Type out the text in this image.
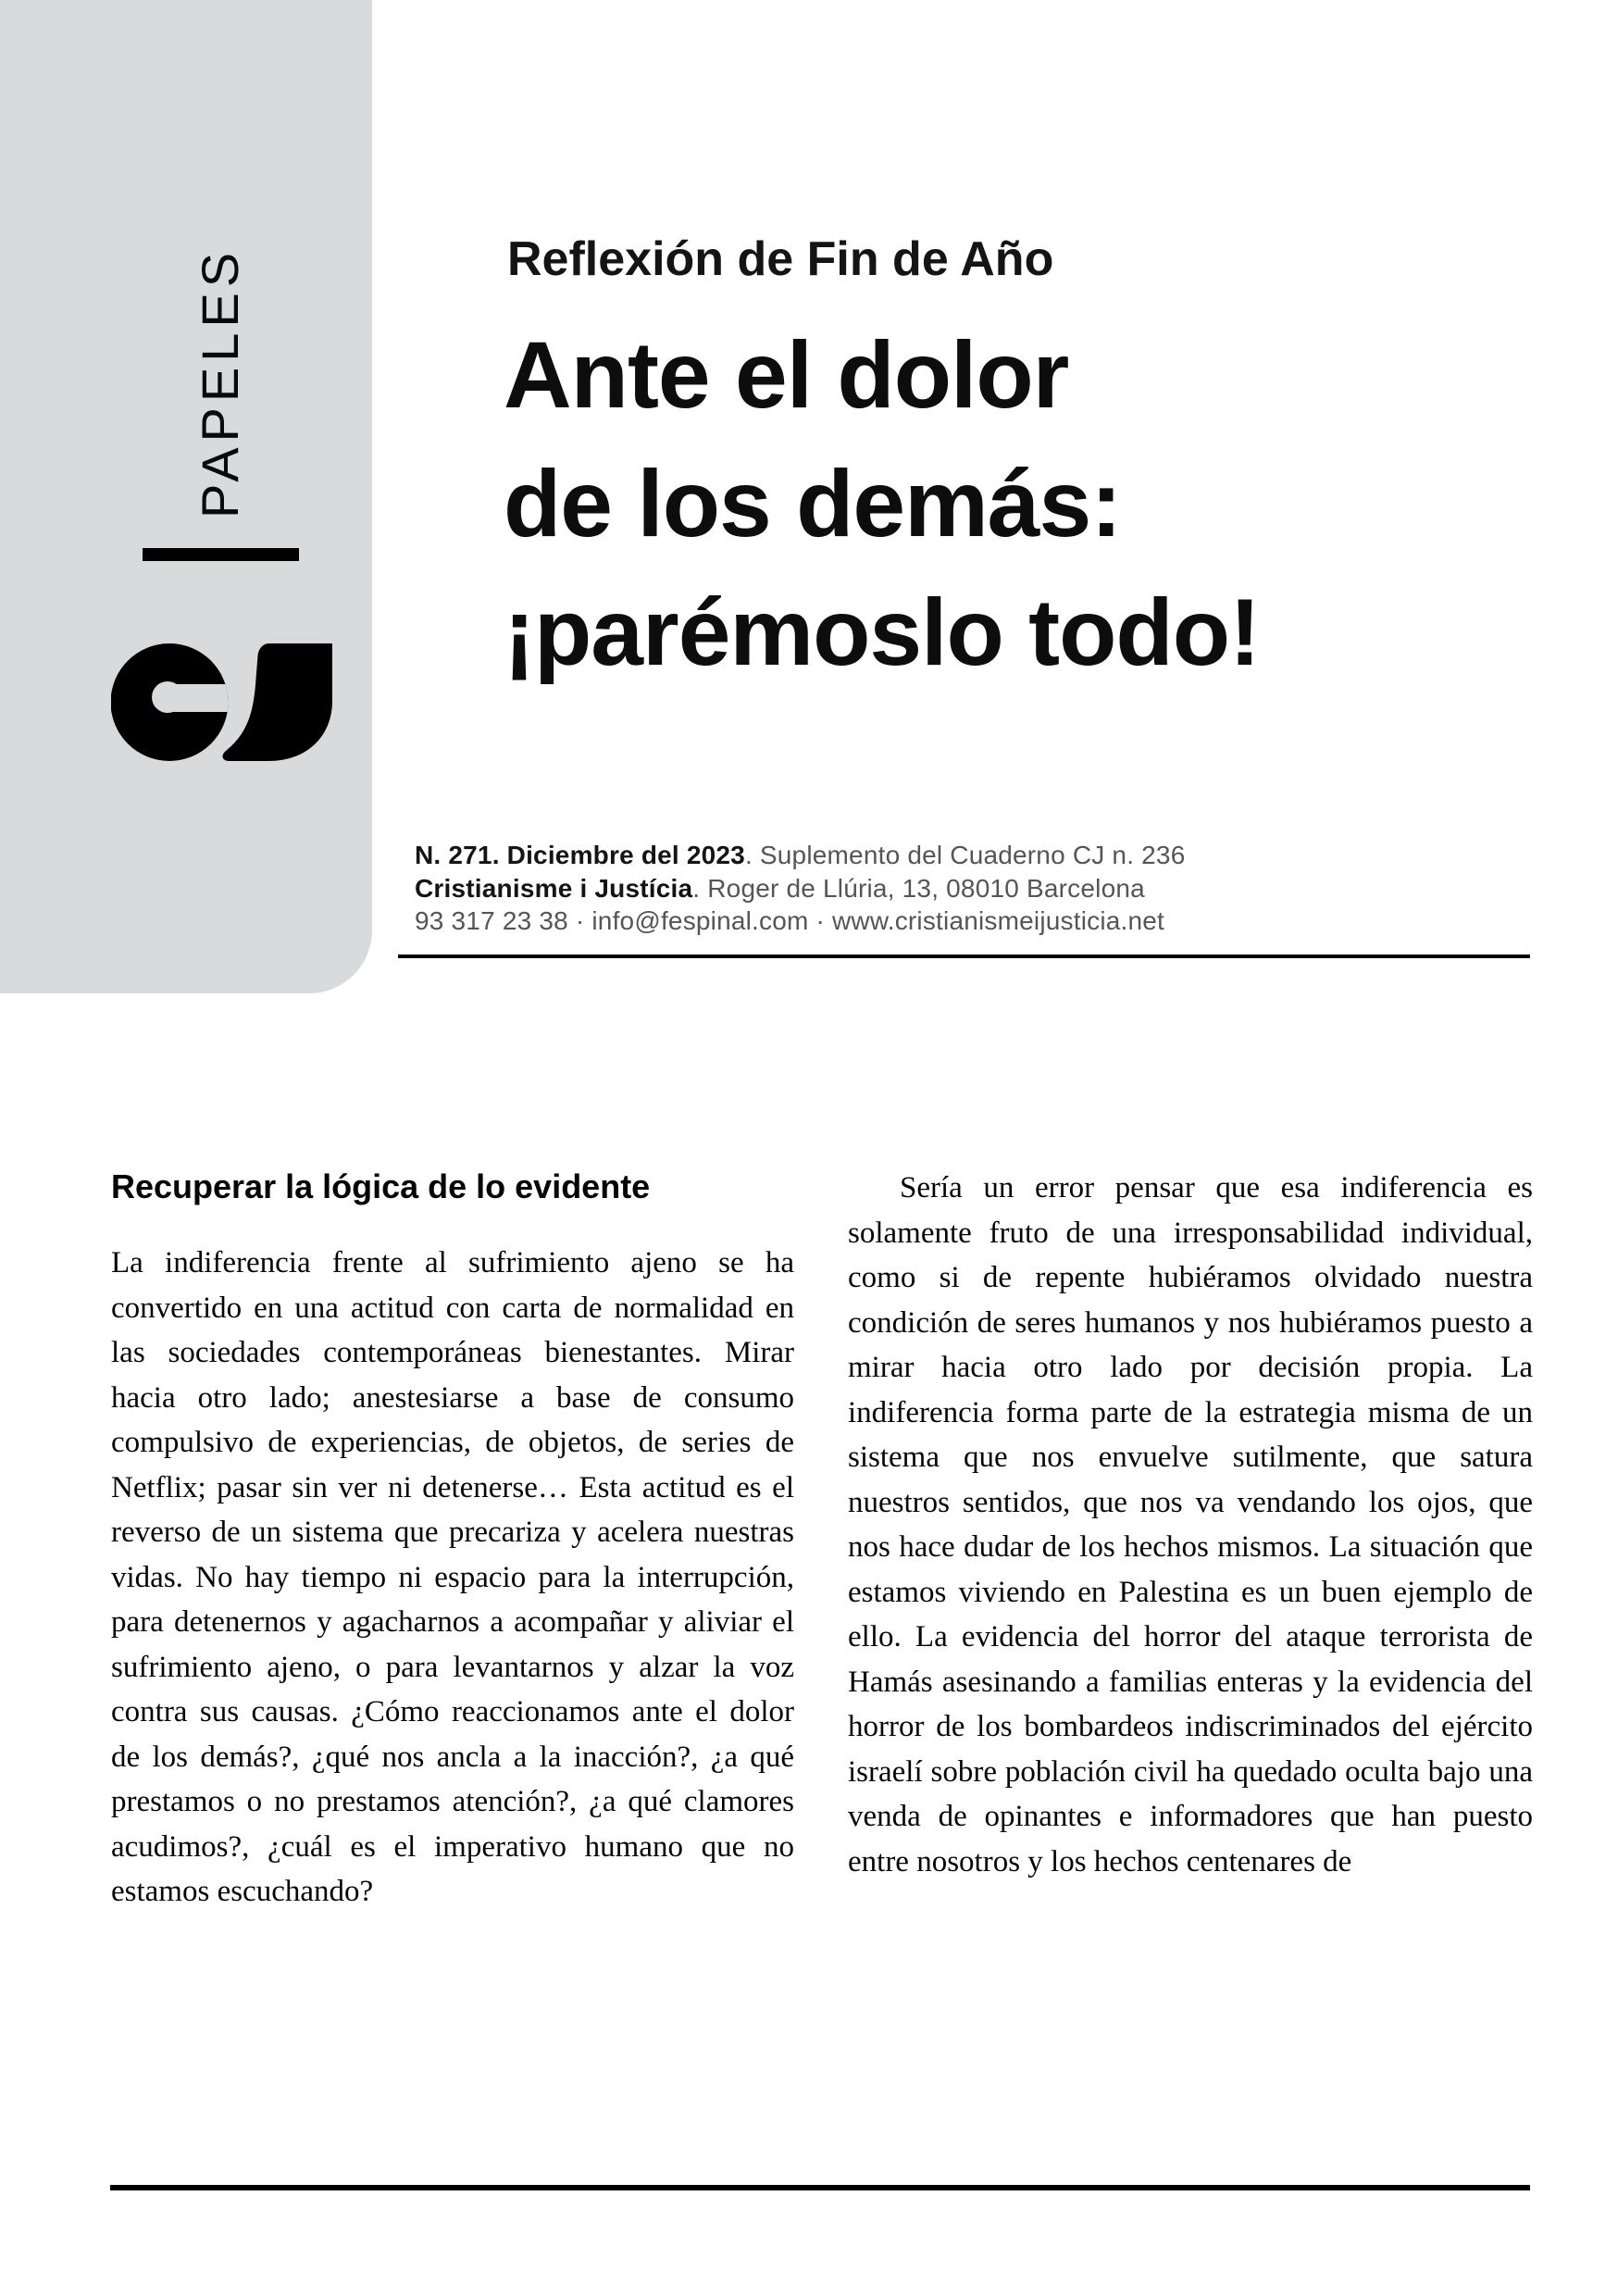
PAPELES	Reflexión de Fin de Año
Ante el dolor
de los demás:
¡parémoslo todo!
N. 271. Diciembre del 2023. Suplemento del Cuaderno CJ n. 236
Cristianisme i Justícia. Roger de Llúria, 13, 08010 Barcelona
93 317 23 38 · info@fespinal.com · www.cristianismeijusticia.net
Recuperar la lógica de lo evidente

La indiferencia frente al sufrimiento ajeno se ha convertido en una actitud con carta de normalidad en las sociedades contemporáneas bienestantes. Mirar hacia otro lado; anestesiarse a base de consumo compulsivo de experiencias, de objetos, de series de Netflix; pasar sin ver ni detenerse… Esta actitud es el reverso de un sistema que precariza y acelera nuestras vidas. No hay tiempo ni espacio para la interrupción, para detenernos y agacharnos a acompañar y aliviar el sufrimiento ajeno, o para levantarnos y alzar la voz contra sus causas. ¿Cómo reaccionamos ante el dolor de los demás?, ¿qué nos ancla a la inacción?, ¿a qué prestamos o no prestamos atención?, ¿a qué clamores acudimos?, ¿cuál es el imperativo humano que no estamos escuchando?

Sería un error pensar que esa indiferencia es solamente fruto de una irresponsabilidad individual, como si de repente hubiéramos olvidado nuestra condición de seres humanos y nos hubiéramos puesto a mirar hacia otro lado por decisión propia. La indiferencia forma parte de la estrategia misma de un sistema que nos envuelve sutilmente, que satura nuestros sentidos, que nos va vendando los ojos, que nos hace dudar de los hechos mismos. La situación que estamos viviendo en Palestina es un buen ejemplo de ello. La evidencia del horror del ataque terrorista de Hamás asesinando a familias enteras y la evidencia del horror de los bombardeos indiscriminados del ejército israelí sobre población civil ha quedado oculta bajo una venda de opinantes e informadores que han puesto entre nosotros y los hechos centenares de
